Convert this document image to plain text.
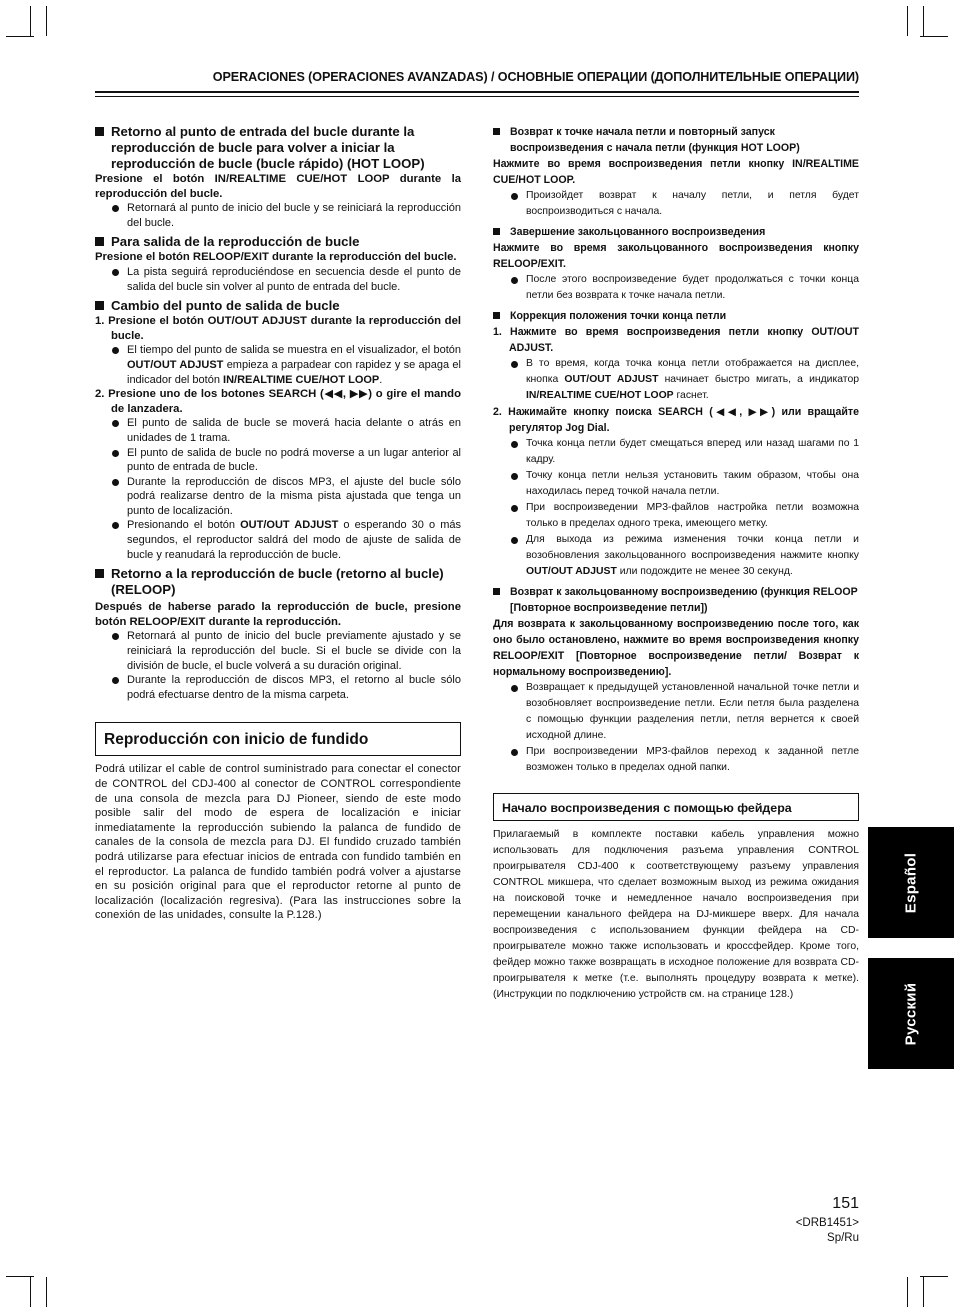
OPERACIONES (OPERACIONES AVANZADAS) / ОСНОВНЫЕ ОПЕРАЦИИ (ДОПОЛНИТЕЛЬНЫЕ ОПЕРАЦИИ)
Español
Русский
Retorno al punto de entrada del bucle durante la reproducción de bucle para volver a iniciar la reproducción de bucle (bucle rápido) (HOT LOOP)
Presione el botón IN/REALTIME CUE/HOT LOOP durante la reproducción del bucle.
Retornará al punto de inicio del bucle y se reiniciará la reproducción del bucle.
Para salida de la reproducción de bucle
Presione el botón RELOOP/EXIT durante la reproducción del bucle.
La pista seguirá reproduciéndose en secuencia desde el punto de salida del bucle sin volver al punto de entrada del bucle.
Cambio del punto de salida de bucle
1. Presione el botón OUT/OUT ADJUST durante la reproducción del bucle.
El tiempo del punto de salida se muestra en el visualizador, el botón OUT/OUT ADJUST empieza a parpadear con rapidez y se apaga el indicador del botón IN/REALTIME CUE/HOT LOOP.
2. Presione uno de los botones SEARCH (◀◀, ▶▶) o gire el mando de lanzadera.
El punto de salida de bucle se moverá hacia delante o atrás en unidades de 1 trama.
El punto de salida de bucle no podrá moverse a un lugar anterior al punto de entrada de bucle.
Durante la reproducción de discos MP3, el ajuste del bucle sólo podrá realizarse dentro de la misma pista ajustada que tenga un punto de localización.
Presionando el botón OUT/OUT ADJUST o esperando 30 o más segundos, el reproductor saldrá del modo de ajuste de salida de bucle y reanudará la reproducción de bucle.
Retorno a la reproducción de bucle (retorno al bucle) (RELOOP)
Después de haberse parado la reproducción de bucle, presione botón RELOOP/EXIT durante la reproducción.
Retornará al punto de inicio del bucle previamente ajustado y se reiniciará la reproducción del bucle. Si el bucle se divide con la división de bucle, el bucle volverá a su duración original.
Durante la reproducción de discos MP3, el retorno al bucle sólo podrá efectuarse dentro de la misma carpeta.
Reproducción con inicio de fundido
Podrá utilizar el cable de control suministrado para conectar el conector de CONTROL del CDJ-400 al conector de CONTROL correspondiente de una consola de mezcla para DJ Pioneer, siendo de este modo posible salir del modo de espera de localización e iniciar inmediatamente la reproducción subiendo la palanca de fundido de canales de la consola de mezcla para DJ. El fundido cruzado también podrá utilizarse para efectuar inicios de entrada con fundido también en el reproductor. La palanca de fundido también podrá volver a ajustarse en su posición original para que el reproductor retorne al punto de localización (localización regresiva). (Para las instrucciones sobre la conexión de las unidades, consulte la P.128.)
Возврат к точке начала петли и повторный запуск воспроизведения с начала петли (функция HOT LOOP)
Нажмите во время воспроизведения петли кнопку IN/REALTIME CUE/HOT LOOP.
Произойдет возврат к началу петли, и петля будет воспроизводиться с начала.
Завершение закольцованного воспроизведения
Нажмите во время закольцованного воспроизведения кнопку RELOOP/EXIT.
После этого воспроизведение будет продолжаться с точки конца петли без возврата к точке начала петли.
Коррекция положения точки конца петли
1. Нажмите во время воспроизведения петли кнопку OUT/OUT ADJUST.
В то время, когда точка конца петли отображается на дисплее, кнопка OUT/OUT ADJUST начинает быстро мигать, а индикатор IN/REALTIME CUE/HOT LOOP гаснет.
2. Нажимайте кнопку поиска SEARCH (◀◀, ▶▶) или вращайте регулятор Jog Dial.
Точка конца петли будет смещаться вперед или назад шагами по 1 кадру.
Точку конца петли нельзя установить таким образом, чтобы она находилась перед точкой начала петли.
При воспроизведении MP3-файлов настройка петли возможна только в пределах одного трека, имеющего метку.
Для выхода из режима изменения точки конца петли и возобновления закольцованного воспроизведения нажмите кнопку OUT/OUT ADJUST или подождите не менее 30 секунд.
Возврат к закольцованному воспроизведению (функция RELOOP [Повторное воспроизведение петли])
Для возврата к закольцованному воспроизведению после того, как оно было остановлено, нажмите во время воспроизведения кнопку RELOOP/EXIT [Повторное воспроизведение петли/ Возврат к нормальному воспроизведению].
Возвращает к предыдущей установленной начальной точке петли и возобновляет воспроизведение петли. Если петля была разделена с помощью функции разделения петли, петля вернется к своей исходной длине.
При воспроизведении MP3-файлов переход к заданной петле возможен только в пределах одной папки.
Начало воспроизведения с помощью фейдера
Прилагаемый в комплекте поставки кабель управления можно использовать для подключения разъема управления CONTROL проигрывателя CDJ-400 к соответствующему разъему управления CONTROL микшера, что сделает возможным выход из режима ожидания на поисковой точке и немедленное начало воспроизведения при перемещении канального фейдера на DJ-микшере вверх. Для начала воспроизведения с использованием функции фейдера на CD-проигрывателе можно также использовать и кроссфейдер. Кроме того, фейдер можно также возвращать в исходное положение для возврата CD-проигрывателя к метке (т.е. выполнять процедуру возврата к метке). (Инструкции по подключению устройств см. на странице 128.)
151
<DRB1451>
Sp/Ru
